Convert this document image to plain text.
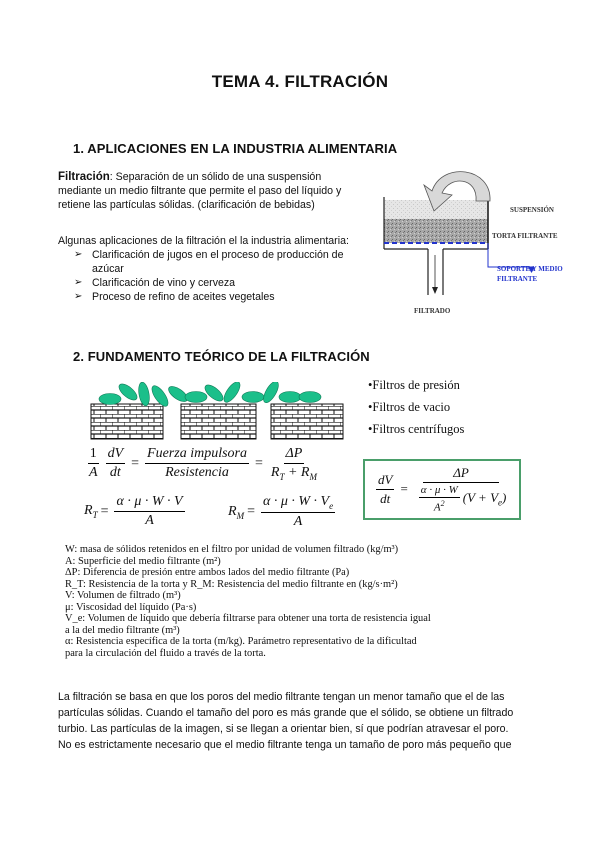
TEMA 4. FILTRACIÓN
1. APLICACIONES EN LA INDUSTRIA ALIMENTARIA
Filtración: Separación de un sólido de una suspensión
mediante un medio filtrante que permite el paso del líquido y
retiene las partículas sólidas. (clarificación de bebidas)
Algunas aplicaciones de la filtración el la industria alimentaria:
➢ Clarificación de jugos en el proceso de producción de
azúcar
➢ Clarificación de vino y cerveza
➢ Proceso de refino de aceites vegetales
SUSPENSIÓN
TORTA FILTRANTE
SOPORTE Y MEDIO
FILTRANTE
FILTRADO
2. FUNDAMENTO TEÓRICO DE LA FILTRACIÓN
•Filtros de presión
•Filtros de vacio
•Filtros centrífugos
$\frac{1}{A} \frac{dV}{dt} = \frac{\text{Fuerza impulsora}}{\text{Resistencia}} = \frac{\Delta P}{R_T + R_M}$
$R_T = \frac{\alpha \cdot \mu \cdot W \cdot V}{A}$	$R_M = \frac{\alpha \cdot \mu \cdot W \cdot V_e}{A}$
$\frac{dV}{dt} = \frac{\Delta P}{\frac{\alpha \cdot \mu \cdot W}{A^2} (V + V_e)}$
W: masa de sólidos retenidos en el filtro por unidad de volumen filtrado (kg/m³)
A: Superficie del medio filtrante (m²)
ΔP: Diferencia de presión entre ambos lados del medio filtrante (Pa)
R_T: Resistencia de la torta y R_M: Resistencia del medio filtrante en (kg/s·m²)
V: Volumen de filtrado (m³)
μ: Viscosidad del líquido (Pa·s)
V_e: Volumen de líquido que debería filtrarse para obtener una torta de resistencia igual
a la del medio filtrante (m³)
α: Resistencia específica de la torta (m/kg). Parámetro representativo de la dificultad
para la circulación del fluido a través de la torta.
La filtración se basa en que los poros del medio filtrante tengan un menor tamaño que el de las
partículas sólidas. Cuando el tamaño del poro es más grande que el sólido, se obtiene un filtrado
turbio. Las partículas de la imagen, si se llegan a orientar bien, sí que podrían atravesar el poro.
No es estrictamente necesario que el medio filtrante tenga un tamaño de poro más pequeño que
